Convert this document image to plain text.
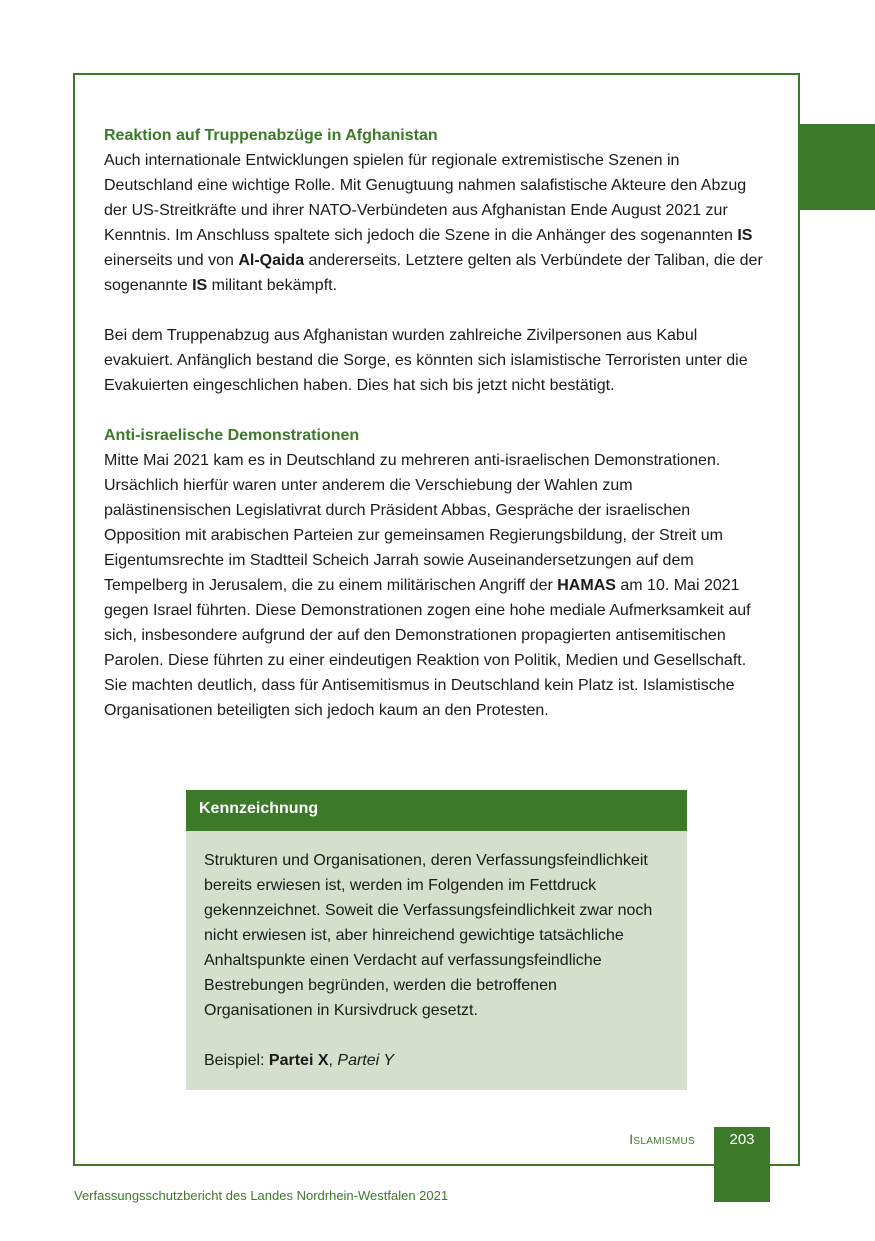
Reaktion auf Truppenabzüge in Afghanistan

Auch internationale Entwicklungen spielen für regionale extremistische Szenen in Deutschland eine wichtige Rolle. Mit Genugtuung nahmen salafistische Akteure den Abzug der US-Streitkräfte und ihrer NATO-Verbündeten aus Afghanistan Ende August 2021 zur Kenntnis. Im Anschluss spaltete sich jedoch die Szene in die Anhänger des sogenannten IS einerseits und von Al-Qaida andererseits. Letztere gelten als Verbündete der Taliban, die der sogenannte IS militant bekämpft.

Bei dem Truppenabzug aus Afghanistan wurden zahlreiche Zivilpersonen aus Kabul evakuiert. Anfänglich bestand die Sorge, es könnten sich islamistische Terroristen unter die Evakuierten eingeschlichen haben. Dies hat sich bis jetzt nicht bestätigt.

Anti-israelische Demonstrationen

Mitte Mai 2021 kam es in Deutschland zu mehreren anti-israelischen Demonstrationen. Ursächlich hierfür waren unter anderem die Verschiebung der Wahlen zum palästinensischen Legislativrat durch Präsident Abbas, Gespräche der israelischen Opposition mit arabischen Parteien zur gemeinsamen Regierungsbildung, der Streit um Eigentumsrechte im Stadtteil Scheich Jarrah sowie Auseinandersetzungen auf dem Tempelberg in Jerusalem, die zu einem militärischen Angriff der HAMAS am 10. Mai 2021 gegen Israel führten. Diese Demonstrationen zogen eine hohe mediale Aufmerksamkeit auf sich, insbesondere aufgrund der auf den Demonstrationen propagierten antisemitischen Parolen. Diese führten zu einer eindeutigen Reaktion von Politik, Medien und Gesellschaft. Sie machten deutlich, dass für Antisemitismus in Deutschland kein Platz ist. Islamistische Organisationen beteiligten sich jedoch kaum an den Protesten.

Kennzeichnung

Strukturen und Organisationen, deren Verfassungsfeindlichkeit bereits erwiesen ist, werden im Folgenden im Fettdruck gekennzeichnet. Soweit die Verfassungsfeindlichkeit zwar noch nicht erwiesen ist, aber hinreichend gewichtige tatsächliche Anhaltspunkte einen Verdacht auf verfassungsfeindliche Bestrebungen begründen, werden die betroffenen Organisationen in Kursivdruck gesetzt.

Beispiel: Partei X, Partei Y

Islamismus	203
Verfassungsschutzbericht des Landes Nordrhein-Westfalen 2021
